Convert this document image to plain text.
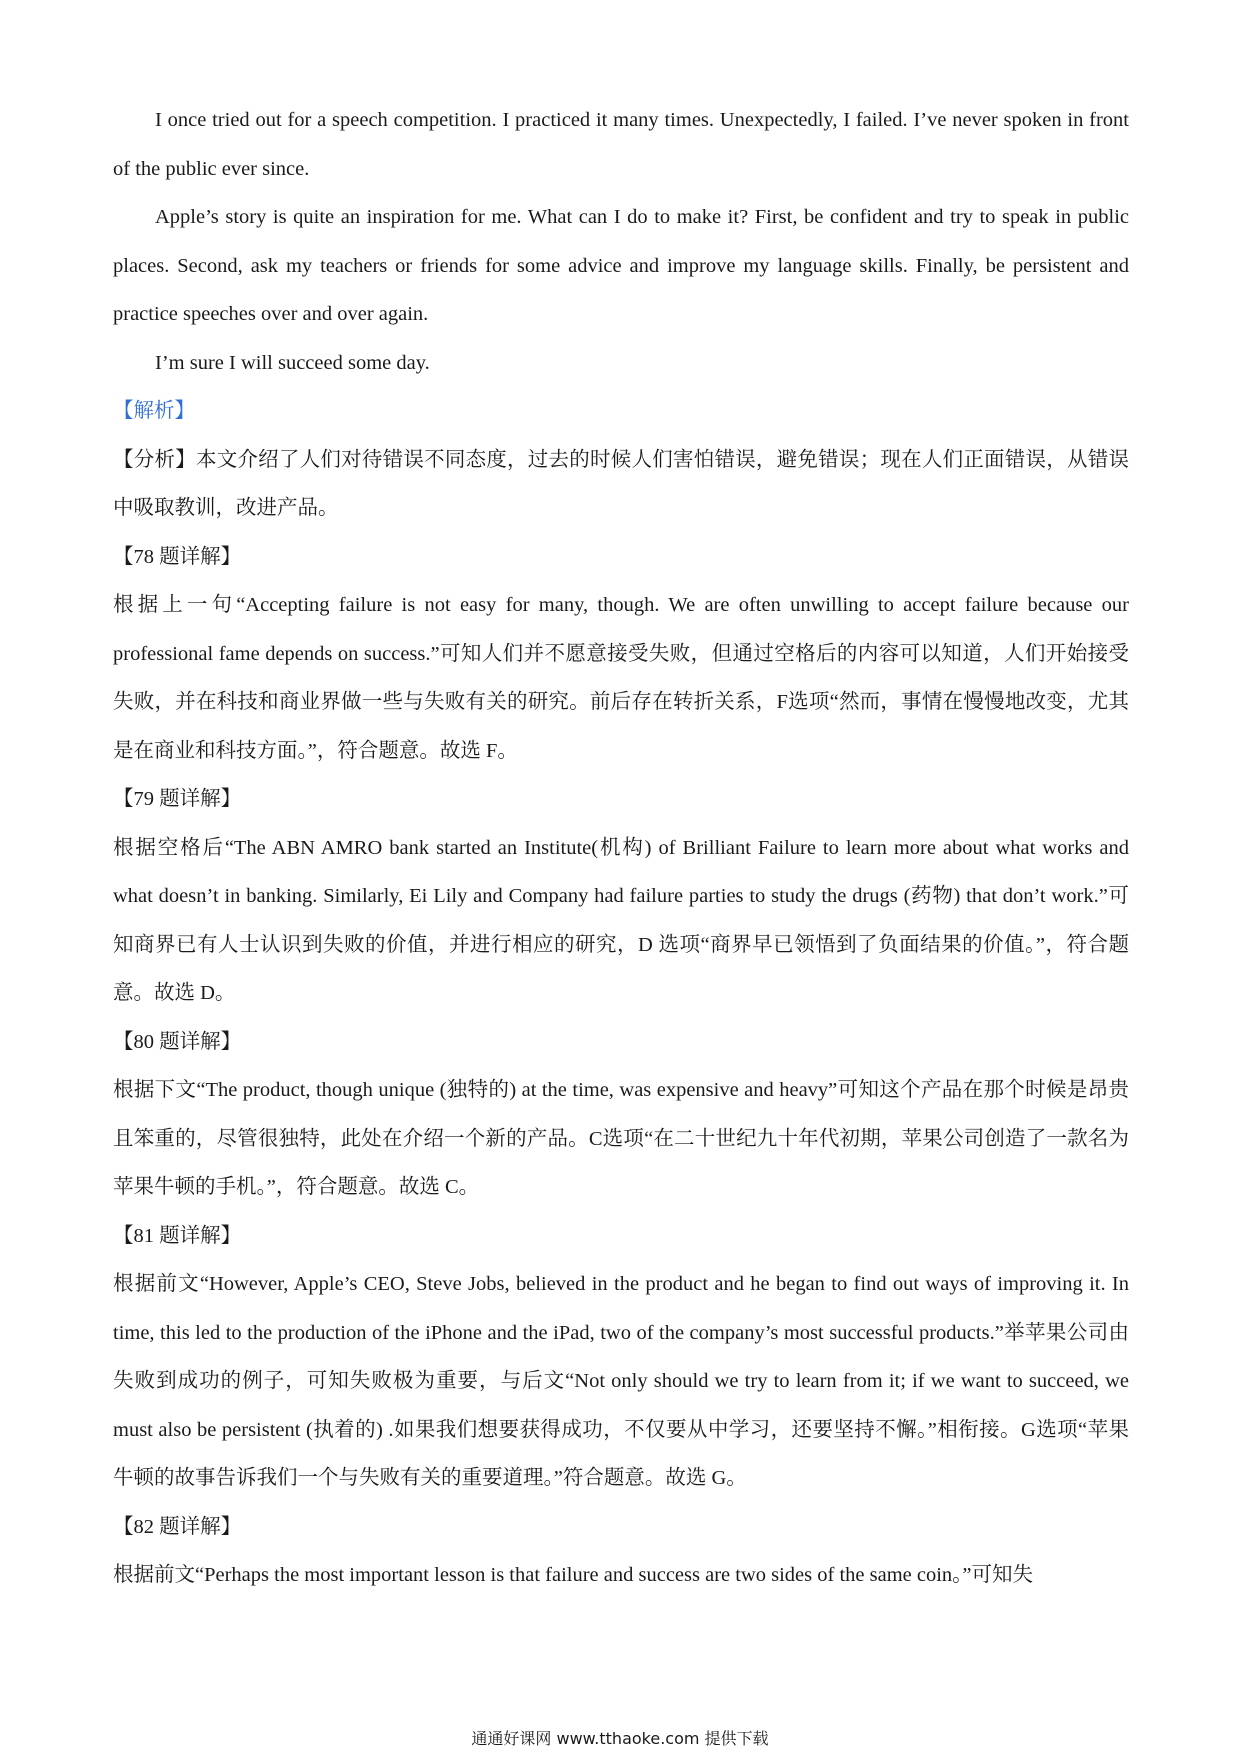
I once tried out for a speech competition. I practiced it many times. Unexpectedly, I failed. I’ve never spoken in front of the public ever since.

Apple’s story is quite an inspiration for me. What can I do to make it? First, be confident and try to speak in public places. Second, ask my teachers or friends for some advice and improve my language skills. Finally, be persistent and practice speeches over and over again.

I’m sure I will succeed some day.

【解析】

【分析】本文介绍了人们对待错误不同态度，过去的时候人们害怕错误，避免错误；现在人们正面错误，从错误中吸取教训，改进产品。

【78 题详解】

根据上一句“Accepting failure is not easy for many, though. We are often unwilling to accept failure because our professional fame depends on success.”可知人们并不愿意接受失败，但通过空格后的内容可以知道，人们开始接受失败，并在科技和商业界做一些与失败有关的研究。前后存在转折关系，F选项“然而，事情在慢慢地改变，尤其是在商业和科技方面。”，符合题意。故选 F。

【79 题详解】

根据空格后“The ABN AMRO bank started an Institute(机构) of Brilliant Failure to learn more about what works and what doesn’t in banking. Similarly, Ei Lily and Company had failure parties to study the drugs (药物) that don’t work.”可知商界已有人士认识到失败的价值，并进行相应的研究，D 选项“商界早已领悟到了负面结果的价值。”，符合题意。故选 D。

【80 题详解】

根据下文“The product, though unique (独特的) at the time, was expensive and heavy”可知这个产品在那个时候是昂贵且笨重的，尽管很独特，此处在介绍一个新的产品。C选项“在二十世纪九十年代初期，苹果公司创造了一款名为苹果牛顿的手机。”，符合题意。故选 C。

【81 题详解】

根据前文“However, Apple’s CEO, Steve Jobs, believed in the product and he began to find out ways of improving it. In time, this led to the production of the iPhone and the iPad, two of the company’s most successful products.”举苹果公司由失败到成功的例子，可知失败极为重要，与后文“Not only should we try to learn from it; if we want to succeed, we must also be persistent (执着的) .如果我们想要获得成功，不仅要从中学习，还要坚持不懈。”相衔接。G选项“苹果牛顿的故事告诉我们一个与失败有关的重要道理。”符合题意。故选 G。

【82 题详解】

根据前文“Perhaps the most important lesson is that failure and success are two sides of the same coin。”可知失

通通好课网 www.tthaoke.com 提供下载
